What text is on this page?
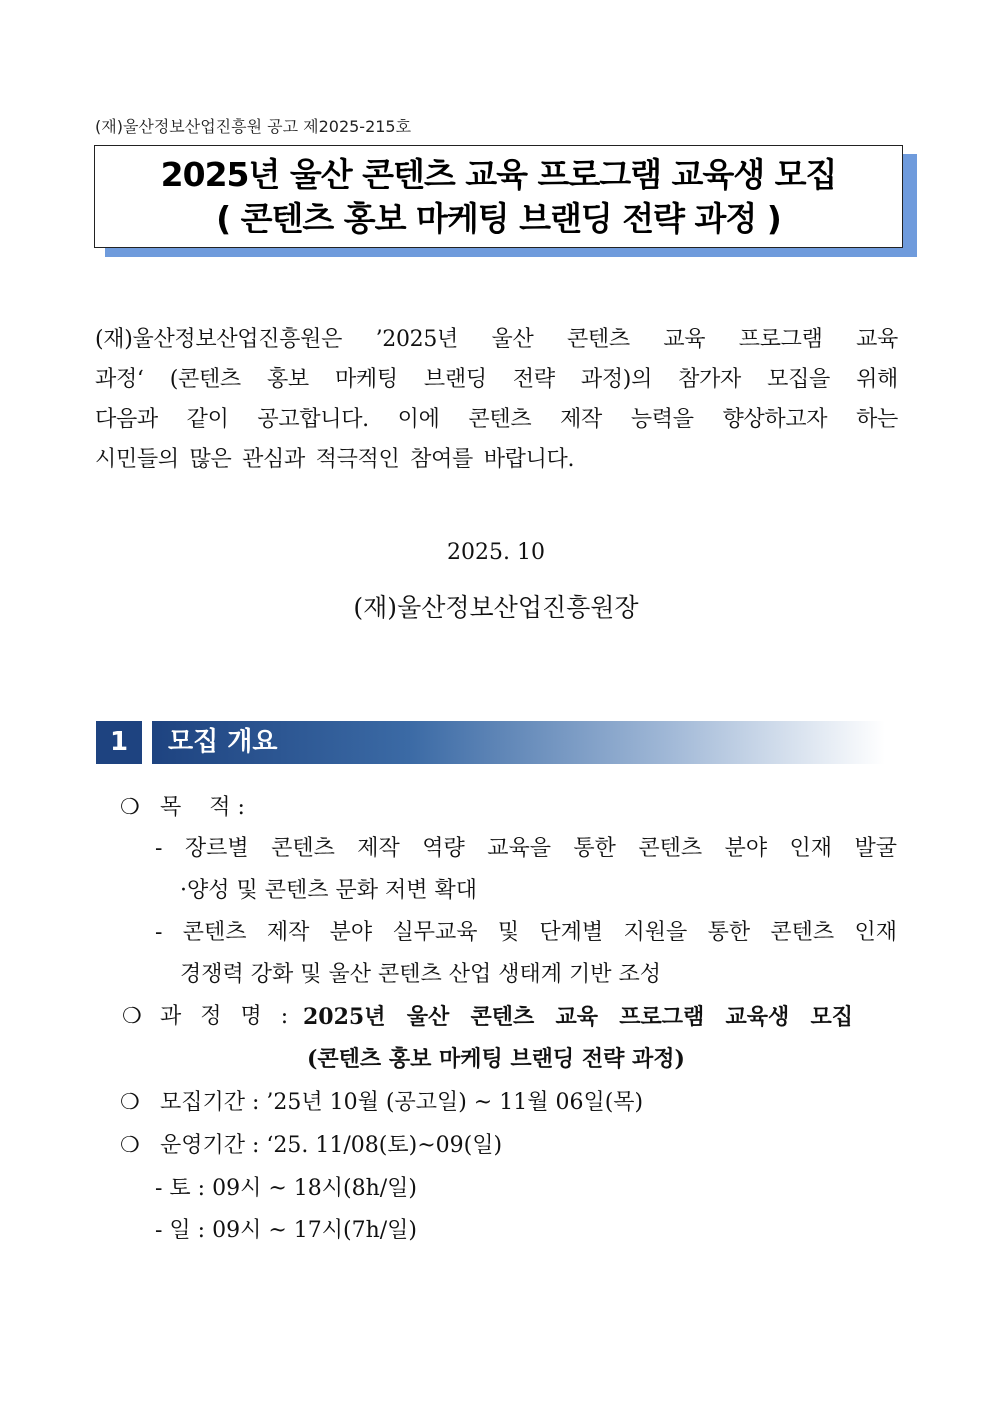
(재)울산정보산업진흥원 공고 제2025-215호
2025년 울산 콘텐츠 교육 프로그램 교육생 모집
( 콘텐츠 홍보 마케팅 브랜딩 전략 과정 )
(재)울산정보산업진흥원은 ’2025년 울산 콘텐츠 교육 프로그램 교육
과정‘ (콘텐츠 홍보 마케팅 브랜딩 전략 과정)의 참가자 모집을 위해
다음과 같이 공고합니다. 이에 콘텐츠 제작 능력을 향상하고자 하는
시민들의 많은 관심과 적극적인 참여를 바랍니다.
2025. 10
(재)울산정보산업진흥원장
1	모집 개요
❍ 목    적 :
- 장르별 콘텐츠 제작 역량 교육을 통한 콘텐츠 분야 인재 발굴
·양성 및 콘텐츠 문화 저변 확대
- 콘텐츠 제작 분야 실무교육 및 단계별 지원을 통한 콘텐츠 인재
경쟁력 강화 및 울산 콘텐츠 산업 생태계 기반 조성
❍ 과 정 명 : 2025년 울산 콘텐츠 교육 프로그램 교육생 모집
(콘텐츠 홍보 마케팅 브랜딩 전략 과정)
❍ 모집기간 : ’25년 10월 (공고일) ~ 11월 06일(목)
❍ 운영기간 : ‘25. 11/08(토)~09(일)
- 토 : 09시 ~ 18시(8h/일)
- 일 : 09시 ~ 17시(7h/일)
